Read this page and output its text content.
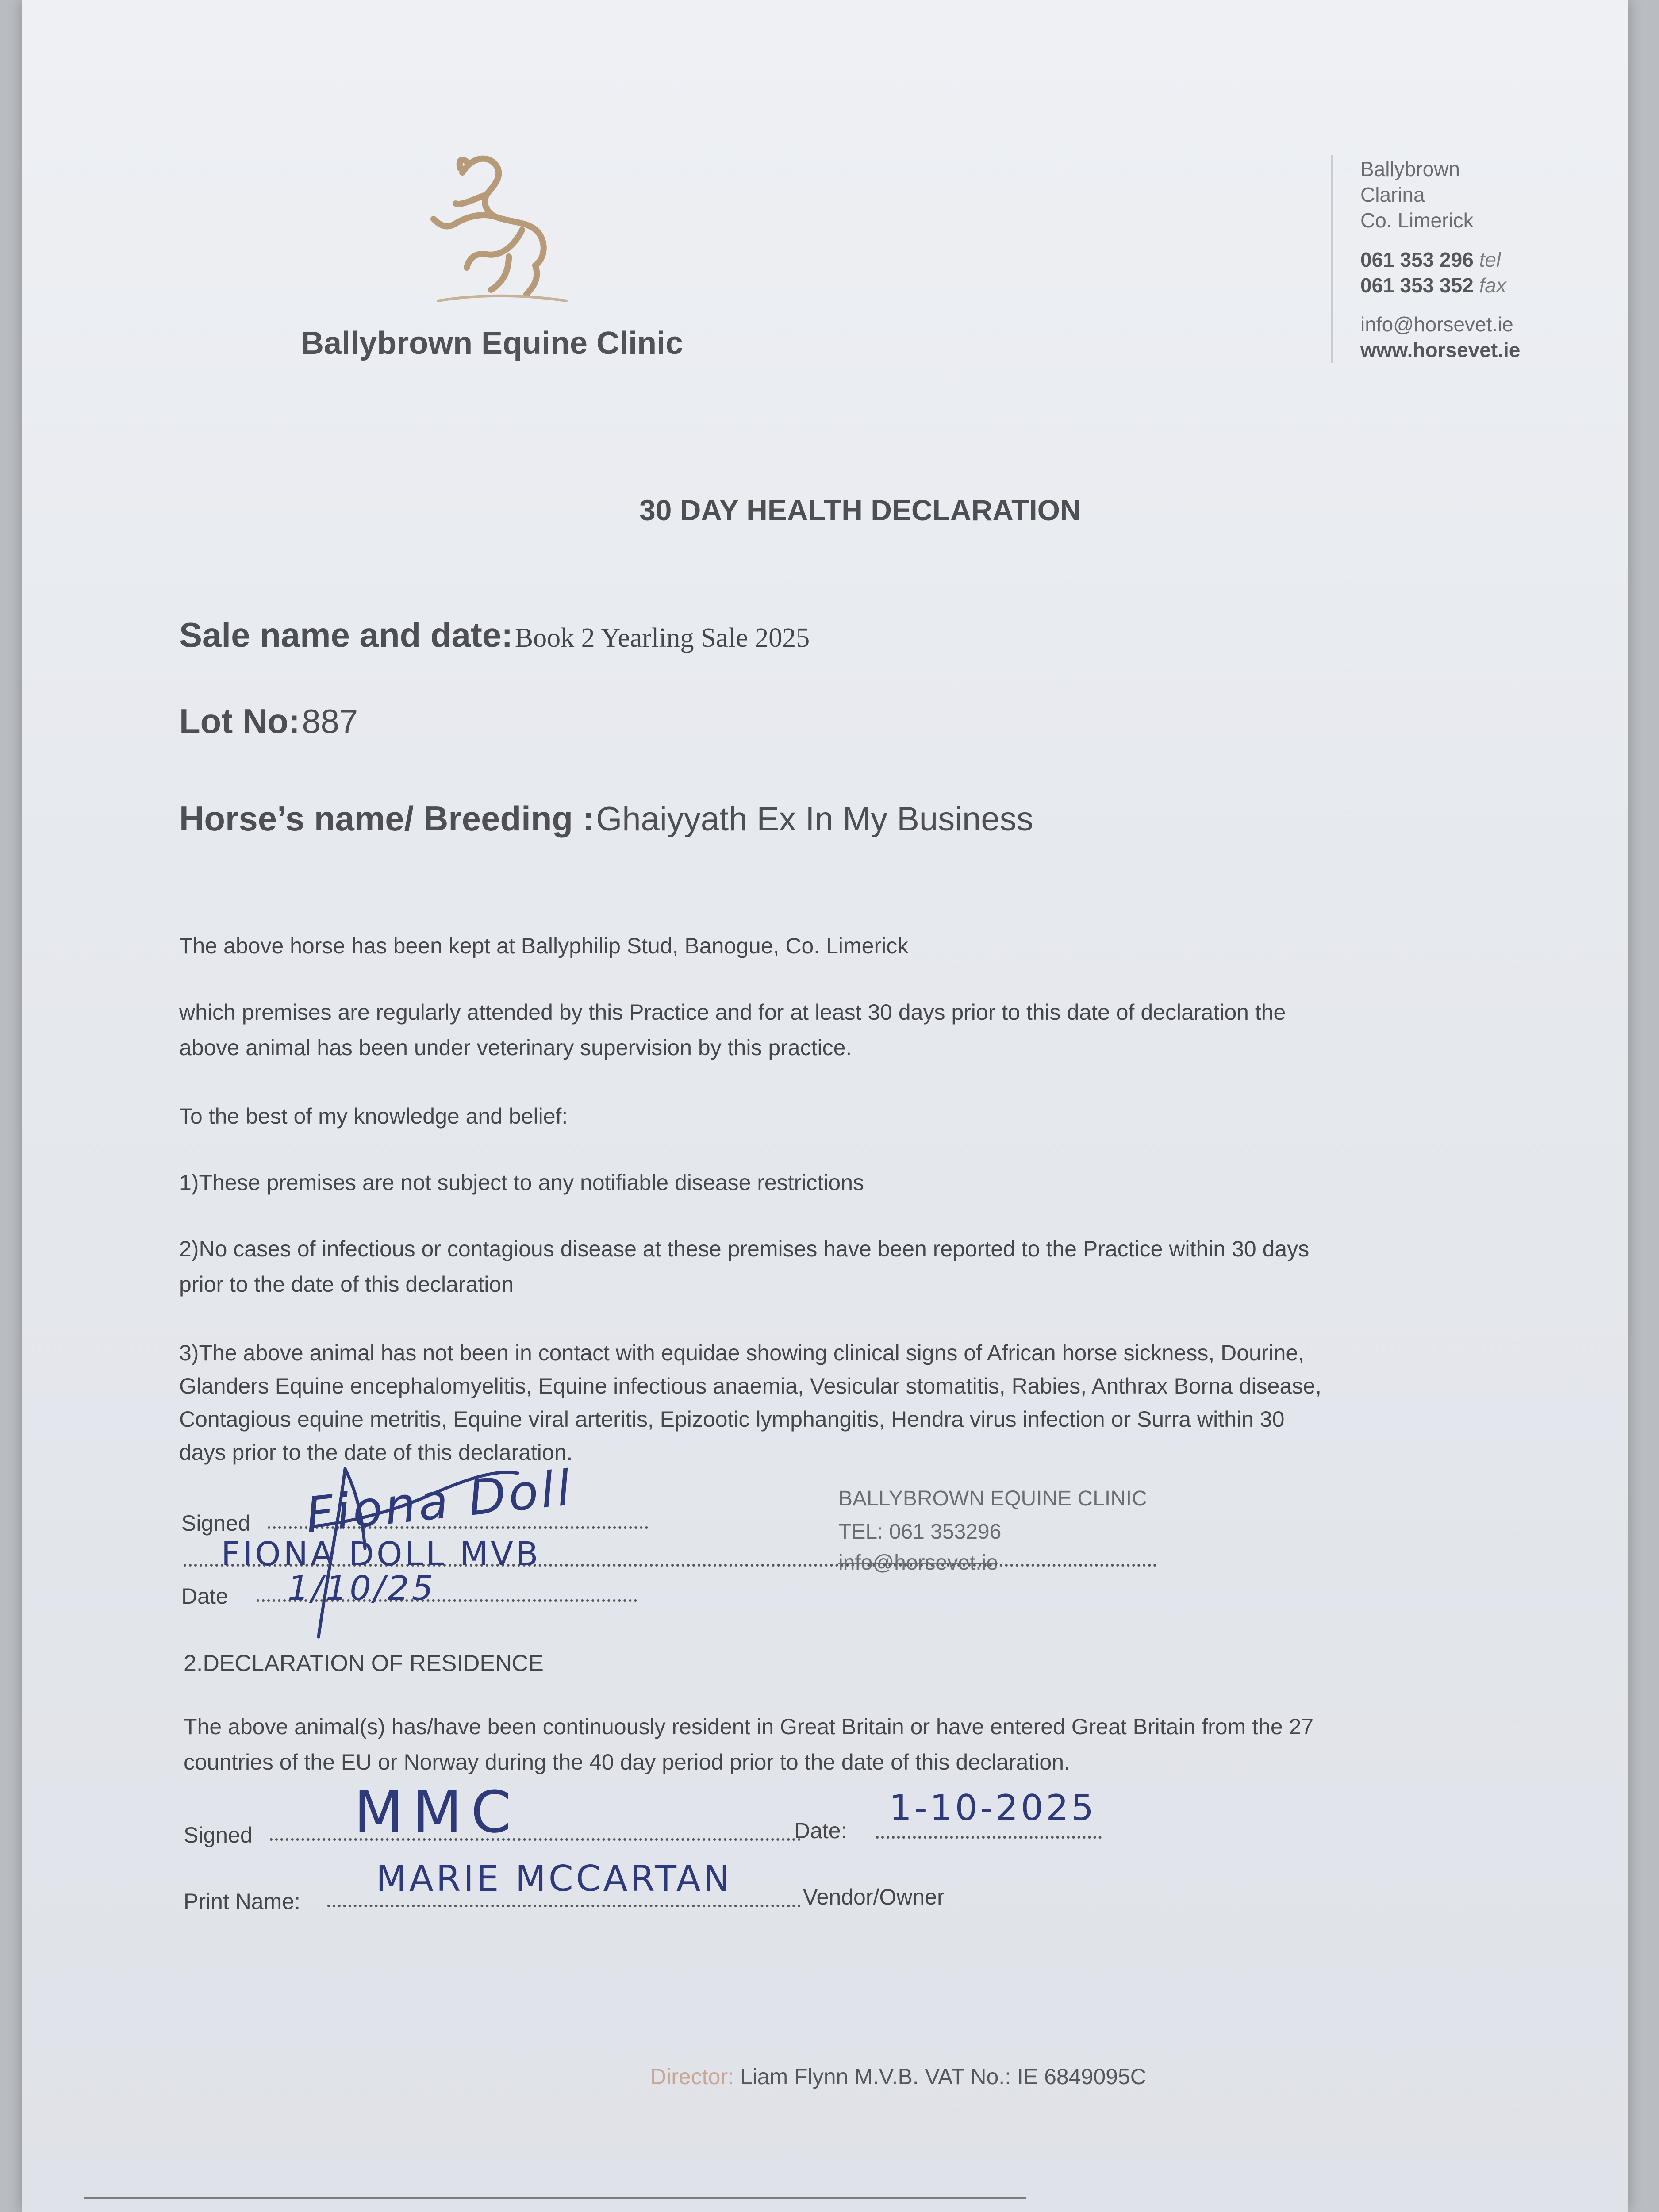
Ballybrown Equine Clinic
Ballybrown
Clarina
Co. Limerick
061 353 296 tel
061 353 352 fax
info@horsevet.ie
www.horsevet.ie
30 DAY HEALTH DECLARATION
Sale name and date: Book 2 Yearling Sale 2025
Lot No: 887
Horse’s name/ Breeding : Ghaiyyath Ex In My Business
The above horse has been kept at Ballyphilip Stud, Banogue, Co. Limerick
which premises are regularly attended by this Practice and for at least 30 days prior to this date of declaration the
above animal has been under veterinary supervision by this practice.
To the best of my knowledge and belief:
1)These premises are not subject to any notifiable disease restrictions
2)No cases of infectious or contagious disease at these premises have been reported to the Practice within 30 days
prior to the date of this declaration
3)The above animal has not been in contact with equidae showing clinical signs of African horse sickness, Dourine,
Glanders Equine encephalomyelitis, Equine infectious anaemia, Vesicular stomatitis, Rabies, Anthrax Borna disease,
Contagious equine metritis, Equine viral arteritis, Epizootic lymphangitis, Hendra virus infection or Surra within 30
days prior to the date of this declaration.
Signed Fiona Doll
FIONA DOLL MVB
Date 1/10/25
BALLYBROWN EQUINE CLINIC
TEL: 061 353296
info@horsevet.ie
2.DECLARATION OF RESIDENCE
The above animal(s) has/have been continuously resident in Great Britain or have entered Great Britain from the 27
countries of the EU or Norway during the 40 day period prior to the date of this declaration.
Signed MMC	Date:
1-10-2025
Print Name:
MARIE MCCARTAN	Vendor/Owner
Director: Liam Flynn M.V.B. VAT No.: IE 6849095C
